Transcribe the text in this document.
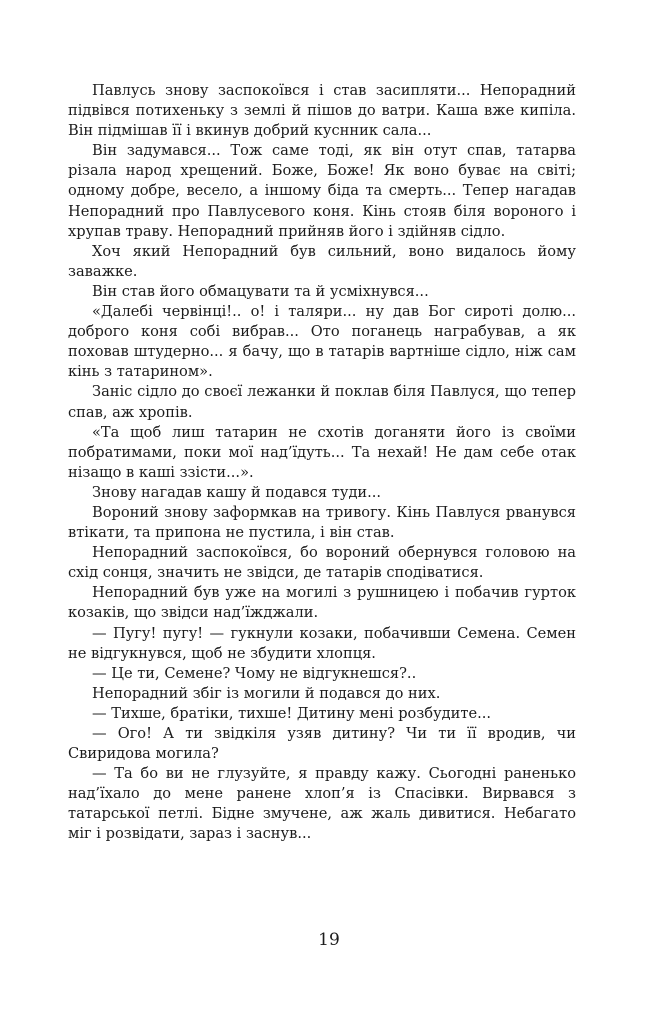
Павлусь знову заспокоївся і став засипляти... Непорадний підвівся потихеньку з землі й пішов до ватри. Каша вже кипіла. Він підмішав її і вкинув добрий куснник сала...

Він задумався... Тож саме тоді, як він отут спав, татарва різала народ хрещений. Боже, Боже! Як воно буває на світі; одному добре, весело, а іншому біда та смерть... Тепер нагадав Непорадний про Павлусевого коня. Кінь стояв біля вороного і хрупав траву. Непорадний прийняв його і здійняв сідло.

Хоч який Непорадний був сильний, воно видалось йому заважке.

Він став його обмацувати та й усміхнувся...

«Далебі червінці!.. о! і таляри... ну дав Бог сироті долю... доброго коня собі вибрав... Ото поганець награбував, а як поховав штудерно... я бачу, що в татарів вартніше сідло, ніж сам кінь з татарином».

Заніс сідло до своєї лежанки й поклав біля Павлуся, що тепер спав, аж хропів.

«Та щоб лиш татарин не схотів доганяти його із своїми побратимами, поки мої над’їдуть... Та нехай! Не дам себе отак нізащо в каші ззісти...».

Знову нагадав кашу й подався туди...

Вороний знову заформкав на тривогу. Кінь Павлуся рванувся втікати, та припона не пустила, і він став.

Непорадний заспокоївся, бо вороний обернувся головою на схід сонця, значить не звідси, де татарів сподіватися.

Непорадний був уже на могилі з рушницею і побачив гурток козаків, що звідси над’їжджали.

— Пугу! пугу! — гукнули козаки, побачивши Семена. Семен не відгукнувся, щоб не збудити хлопця.

— Це ти, Семене? Чому не відгукнешся?..

Непорадний збіг із могили й подався до них.

— Тихше, братіки, тихше! Дитину мені розбудите...

— Ого! А ти звідкіля узяв дитину? Чи ти її вродив, чи Свиридова могила?

— Та бо ви не глузуйте, я правду кажу. Сьогодні раненько над’їхало до мене ранене хлоп’я із Спасівки. Вирвався з татарської петлі. Бідне змучене, аж жаль дивитися. Небагато міг і розвідати, зараз і заснув...

19
